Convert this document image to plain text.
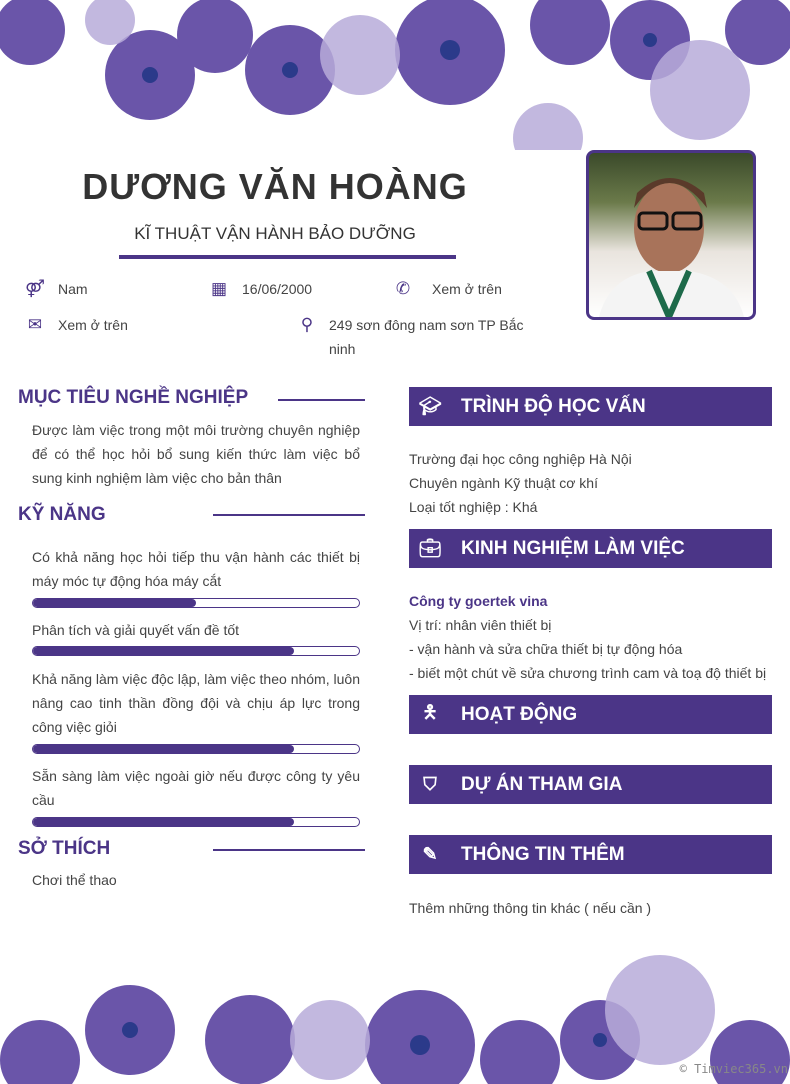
DƯƠNG VĂN HOÀNG
KĨ THUẬT VẬN HÀNH BẢO DƯỠNG
⚤ Nam	▦ 16/06/2000	✆ Xem ở trên
✉ Xem ở trên	⚲	249 sơn đông nam sơn TP Bắc ninh
MỤC TIÊU NGHỀ NGHIỆP
Được làm việc trong một môi trường chuyên nghiệp để có thể học hỏi bổ sung kiến thức làm việc bổ sung kinh nghiệm làm việc cho bản thân
KỸ NĂNG
Có khả năng học hỏi tiếp thu vận hành các thiết bị máy móc tự động hóa máy cắt
Phân tích và giải quyết vấn đề tốt
Khả năng làm việc độc lập, làm việc theo nhóm, luôn nâng cao tinh thần đồng đội và chịu áp lực trong công việc giỏi
Sẵn sàng làm việc ngoài giờ nếu được công ty yêu cầu
SỞ THÍCH
Chơi thể thao
🎓︎	TRÌNH ĐỘ HỌC VẤN
Trường đại học công nghiệp Hà Nội
Chuyên ngành Kỹ thuật cơ khí
Loại tốt nghiệp : Khá
💼︎	KINH NGHIỆM LÀM VIỆC
Công ty goertek vina
Vị trí: nhân viên thiết bị
- vận hành và sửa chữa thiết bị tự động hóa
- biết một chút về sửa chương trình cam và toạ độ thiết bị
🯅	HOẠT ĐỘNG
⛉	DỰ ÁN THAM GIA
✎	THÔNG TIN THÊM
Thêm những thông tin khác ( nếu cần )
© Timviec365.vn
